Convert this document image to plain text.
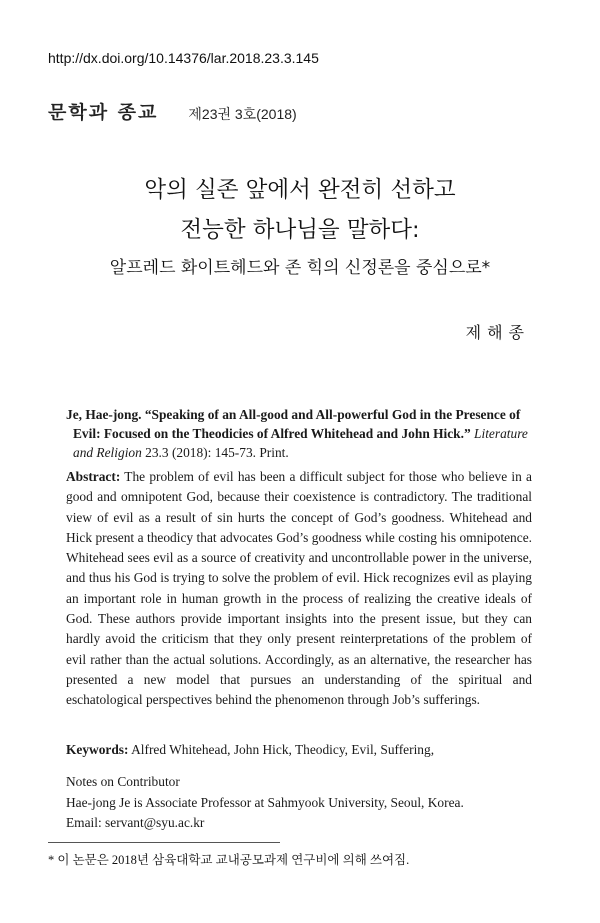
http://dx.doi.org/10.14376/lar.2018.23.3.145
문학과 종교 제23권 3호(2018)
악의 실존 앞에서 완전히 선하고
전능한 하나님을 말하다:
알프레드 화이트헤드와 존 힉의 신정론을 중심으로*
제해종
Je, Hae-jong. “Speaking of an All-good and All-powerful God in the Presence of Evil: Focused on the Theodicies of Alfred Whitehead and John Hick.” Literature and Religion 23.3 (2018): 145-73. Print.
Abstract: The problem of evil has been a difficult subject for those who believe in a good and omnipotent God, because their coexistence is contradictory. The traditional view of evil as a result of sin hurts the concept of God’s goodness. Whitehead and Hick present a theodicy that advocates God’s goodness while costing his omnipotence. Whitehead sees evil as a source of creativity and uncontrollable power in the universe, and thus his God is trying to solve the problem of evil. Hick recognizes evil as playing an important role in human growth in the process of realizing the creative ideals of God. These authors provide important insights into the present issue, but they can hardly avoid the criticism that they only present reinterpretations of the problem of evil rather than the actual solutions. Accordingly, as an alternative, the researcher has presented a new model that pursues an understanding of the spiritual and eschatological perspectives behind the phenomenon through Job’s sufferings.
Keywords: Alfred Whitehead, John Hick, Theodicy, Evil, Suffering,
Notes on Contributor
Hae-jong Je is Associate Professor at Sahmyook University, Seoul, Korea.
Email: servant@syu.ac.kr
* 이 논문은 2018년 삼육대학교 교내공모과제 연구비에 의해 쓰여짐.
